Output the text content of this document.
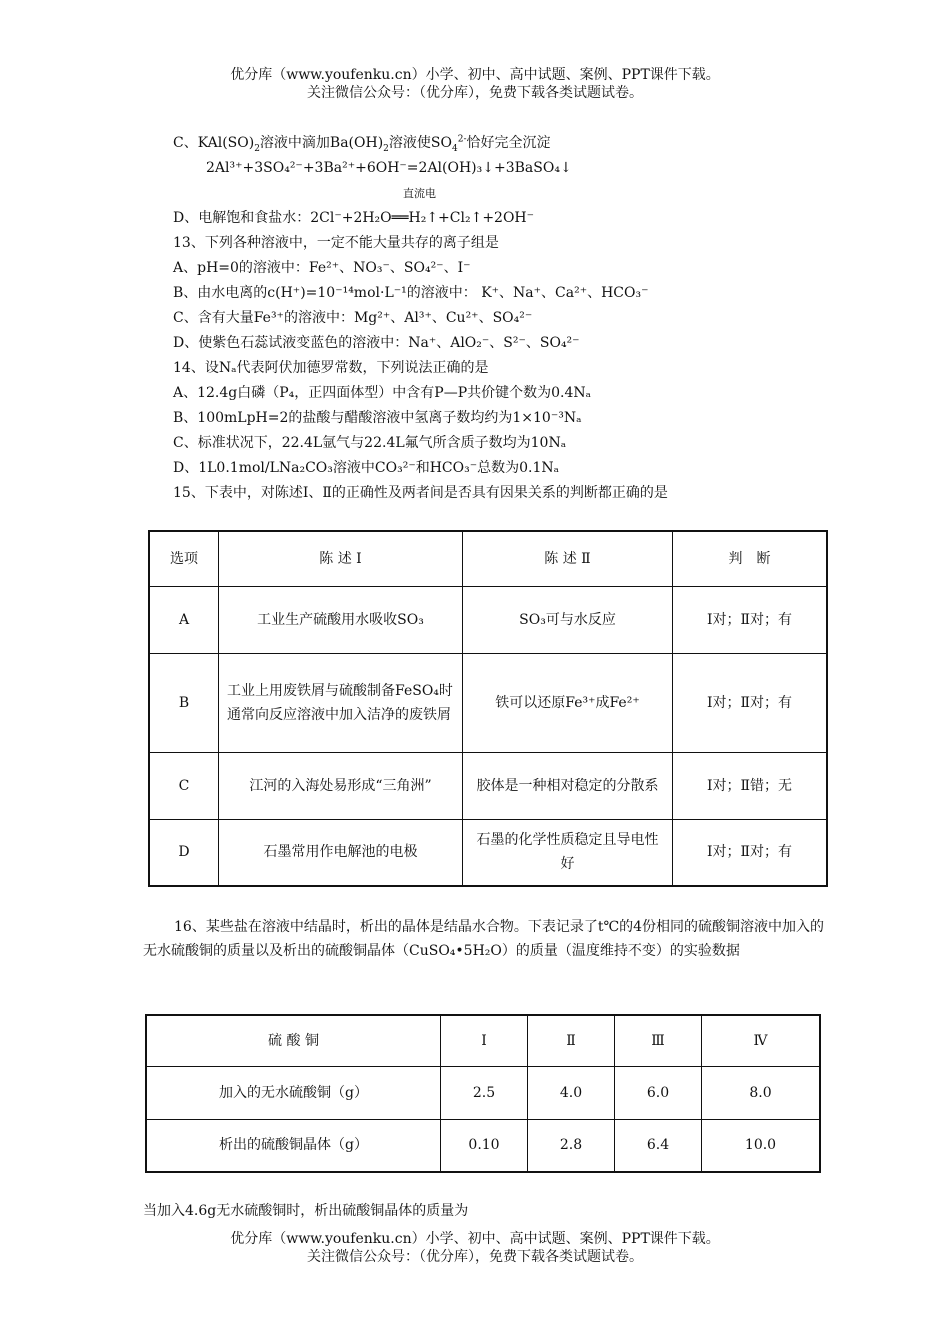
优分库（www.youfenku.cn）小学、初中、高中试题、案例、PPT课件下载。
关注微信公众号：（优分库），免费下载各类试题试卷。
C、$KAl(SO)_2$溶液中滴加$Ba(OH)_2$溶液使$SO_4^{2-}$恰好完全沉淀
2Al³⁺+3SO₄²⁻+3Ba²⁺+6OH⁻=2Al(OH)₃↓+3BaSO₄↓
直流电
D、电解饱和食盐水：2Cl⁻+2H₂O══H₂↑+Cl₂↑+2OH⁻
13、下列各种溶液中，一定不能大量共存的离子组是
A、pH=0的溶液中：Fe²⁺、NO₃⁻、SO₄²⁻、I⁻
B、由水电离的c(H⁺)=10⁻¹⁴mol·L⁻¹的溶液中： K⁺、Na⁺、Ca²⁺、HCO₃⁻
C、含有大量Fe³⁺的溶液中：Mg²⁺、Al³⁺、Cu²⁺、SO₄²⁻
D、使紫色石蕊试液变蓝色的溶液中：Na⁺、AlO₂⁻、S²⁻、SO₄²⁻
14、设Nₐ代表阿伏加德罗常数，下列说法正确的是
A、12.4g白磷（P₄，正四面体型）中含有P—P共价键个数为0.4Nₐ
B、100mLpH=2的盐酸与醋酸溶液中氢离子数均约为1×10⁻³Nₐ
C、标准状况下，22.4L氩气与22.4L氟气所含质子数均为10Nₐ
D、1L0.1mol/LNa₂CO₃溶液中CO₃²⁻和HCO₃⁻总数为0.1Nₐ
15、下表中，对陈述Ⅰ、Ⅱ的正确性及两者间是否具有因果关系的判断都正确的是
选项	陈 述 Ⅰ	陈 述 Ⅱ	判　断
A	工业生产硫酸用水吸收SO₃	SO₃可与水反应	Ⅰ对；Ⅱ对；有
B	工业上用废铁屑与硫酸制备FeSO₄时通常向反应溶液中加入洁净的废铁屑	铁可以还原Fe³⁺成Fe²⁺	Ⅰ对；Ⅱ对；有
C	江河的入海处易形成“三角洲”	胶体是一种相对稳定的分散系	Ⅰ对；Ⅱ错；无
D	石墨常用作电解池的电极	石墨的化学性质稳定且导电性好	Ⅰ对；Ⅱ对；有
16、某些盐在溶液中结晶时，析出的晶体是结晶水合物。下表记录了t℃的4份相同的硫酸铜溶液中加入的无水硫酸铜的质量以及析出的硫酸铜晶体（CuSO₄•5H₂O）的质量（温度维持不变）的实验数据
硫 酸 铜	Ⅰ	Ⅱ	Ⅲ	Ⅳ
加入的无水硫酸铜（g）	2.5	4.0	6.0	8.0
析出的硫酸铜晶体（g）	0.10	2.8	6.4	10.0
当加入4.6g无水硫酸铜时，析出硫酸铜晶体的质量为
优分库（www.youfenku.cn）小学、初中、高中试题、案例、PPT课件下载。
关注微信公众号：（优分库），免费下载各类试题试卷。
